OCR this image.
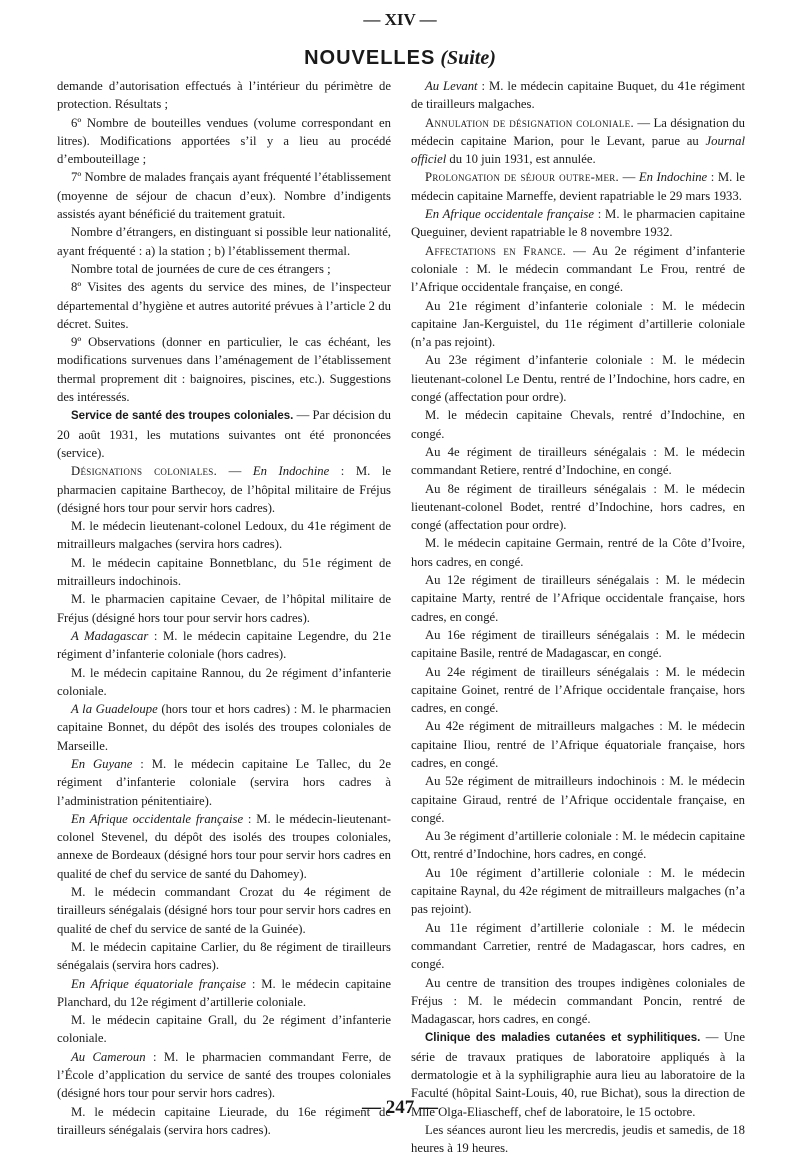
— XIV —
NOUVELLES (Suite)

demande d’autorisation effectués à l’intérieur du périmètre de protection. Résultats ;

6º Nombre de bouteilles vendues (volume correspondant en litres). Modifications apportées s’il y a lieu au procédé d’embouteillage ;

7º Nombre de malades français ayant fréquenté l’établissement (moyenne de séjour de chacun d’eux). Nombre d’indigents assistés ayant bénéficié du traitement gratuit.

Nombre d’étrangers, en distinguant si possible leur nationalité, ayant fréquenté : a) la station ; b) l’établissement thermal.

Nombre total de journées de cure de ces étrangers ;

8º Visites des agents du service des mines, de l’inspecteur départemental d’hygiène et autres autorité prévues à l’article 2 du décret. Suites.

9º Observations (donner en particulier, le cas échéant, les modifications survenues dans l’aménagement de l’établissement thermal proprement dit : baignoires, piscines, etc.). Suggestions des intéressés.

Service de santé des troupes coloniales. — Par décision du 20 août 1931, les mutations suivantes ont été prononcées (service).

Désignations coloniales. — En Indochine : M. le pharmacien capitaine Barthecoy, de l’hôpital militaire de Fréjus (désigné hors tour pour servir hors cadres).

M. le médecin lieutenant-colonel Ledoux, du 41e régiment de mitrailleurs malgaches (servira hors cadres).

M. le médecin capitaine Bonnetblanc, du 51e régiment de mitrailleurs indochinois.

M. le pharmacien capitaine Cevaer, de l’hôpital militaire de Fréjus (désigné hors tour pour servir hors cadres).

A Madagascar : M. le médecin capitaine Legendre, du 21e régiment d’infanterie coloniale (hors cadres).

M. le médecin capitaine Rannou, du 2e régiment d’infanterie coloniale.

A la Guadeloupe (hors tour et hors cadres) : M. le pharmacien capitaine Bonnet, du dépôt des isolés des troupes coloniales de Marseille.

En Guyane : M. le médecin capitaine Le Tallec, du 2e régiment d’infanterie coloniale (servira hors cadres à l’administration pénitentiaire).

En Afrique occidentale française : M. le médecin-lieutenant-colonel Stevenel, du dépôt des isolés des troupes coloniales, annexe de Bordeaux (désigné hors tour pour servir hors cadres en qualité de chef du service de santé du Dahomey).

M. le médecin commandant Crozat du 4e régiment de tirailleurs sénégalais (désigné hors tour pour servir hors cadres en qualité de chef du service de santé de la Guinée).

M. le médecin capitaine Carlier, du 8e régiment de tirailleurs sénégalais (servira hors cadres).

En Afrique équatoriale française : M. le médecin capitaine Planchard, du 12e régiment d’artillerie coloniale.

M. le médecin capitaine Grall, du 2e régiment d’infanterie coloniale.

Au Cameroun : M. le pharmacien commandant Ferre, de l’École d’application du service de santé des troupes coloniales (désigné hors tour pour servir hors cadres).

M. le médecin capitaine Lieurade, du 16e régiment de tirailleurs sénégalais (servira hors cadres).

Au Levant : M. le médecin capitaine Buquet, du 41e régiment de tirailleurs malgaches.

Annulation de désignation coloniale. — La désignation du médecin capitaine Marion, pour le Levant, parue au Journal officiel du 10 juin 1931, est annulée.

Prolongation de séjour outre-mer. — En Indochine : M. le médecin capitaine Marneffe, devient rapatriable le 29 mars 1933.

En Afrique occidentale française : M. le pharmacien capitaine Queguiner, devient rapatriable le 8 novembre 1932.

Affectations en France. — Au 2e régiment d’infanterie coloniale : M. le médecin commandant Le Frou, rentré de l’Afrique occidentale française, en congé.

Au 21e régiment d’infanterie coloniale : M. le médecin capitaine Jan-Kerguistel, du 11e régiment d’artillerie coloniale (n’a pas rejoint).

Au 23e régiment d’infanterie coloniale : M. le médecin lieutenant-colonel Le Dentu, rentré de l’Indochine, hors cadre, en congé (affectation pour ordre).

M. le médecin capitaine Chevals, rentré d’Indochine, en congé.

Au 4e régiment de tirailleurs sénégalais : M. le médecin commandant Retiere, rentré d’Indochine, en congé.

Au 8e régiment de tirailleurs sénégalais : M. le médecin lieutenant-colonel Bodet, rentré d’Indochine, hors cadres, en congé (affectation pour ordre).

M. le médecin capitaine Germain, rentré de la Côte d’Ivoire, hors cadres, en congé.

Au 12e régiment de tirailleurs sénégalais : M. le médecin capitaine Marty, rentré de l’Afrique occidentale française, hors cadres, en congé.

Au 16e régiment de tirailleurs sénégalais : M. le médecin capitaine Basile, rentré de Madagascar, en congé.

Au 24e régiment de tirailleurs sénégalais : M. le médecin capitaine Goinet, rentré de l’Afrique occidentale française, hors cadres, en congé.

Au 42e régiment de mitrailleurs malgaches : M. le médecin capitaine Iliou, rentré de l’Afrique équatoriale française, hors cadres, en congé.

Au 52e régiment de mitrailleurs indochinois : M. le médecin capitaine Giraud, rentré de l’Afrique occidentale française, en congé.

Au 3e régiment d’artillerie coloniale : M. le médecin capitaine Ott, rentré d’Indochine, hors cadres, en congé.

Au 10e régiment d’artillerie coloniale : M. le médecin capitaine Raynal, du 42e régiment de mitrailleurs malgaches (n’a pas rejoint).

Au 11e régiment d’artillerie coloniale : M. le médecin commandant Carretier, rentré de Madagascar, hors cadres, en congé.

Au centre de transition des troupes indigènes coloniales de Fréjus : M. le médecin commandant Poncin, rentré de Madagascar, hors cadres, en congé.

Clinique des maladies cutanées et syphilitiques. — Une série de travaux pratiques de laboratoire appliqués à la dermatologie et à la syphiligraphie aura lieu au laboratoire de la Faculté (hôpital Saint-Louis, 40, rue Bichat), sous la direction de Mlle Olga-Eliascheff, chef de laboratoire, le 15 octobre.

Les séances auront lieu les mercredis, jeudis et samedis, de 18 heures à 19 heures.

— 247 —
